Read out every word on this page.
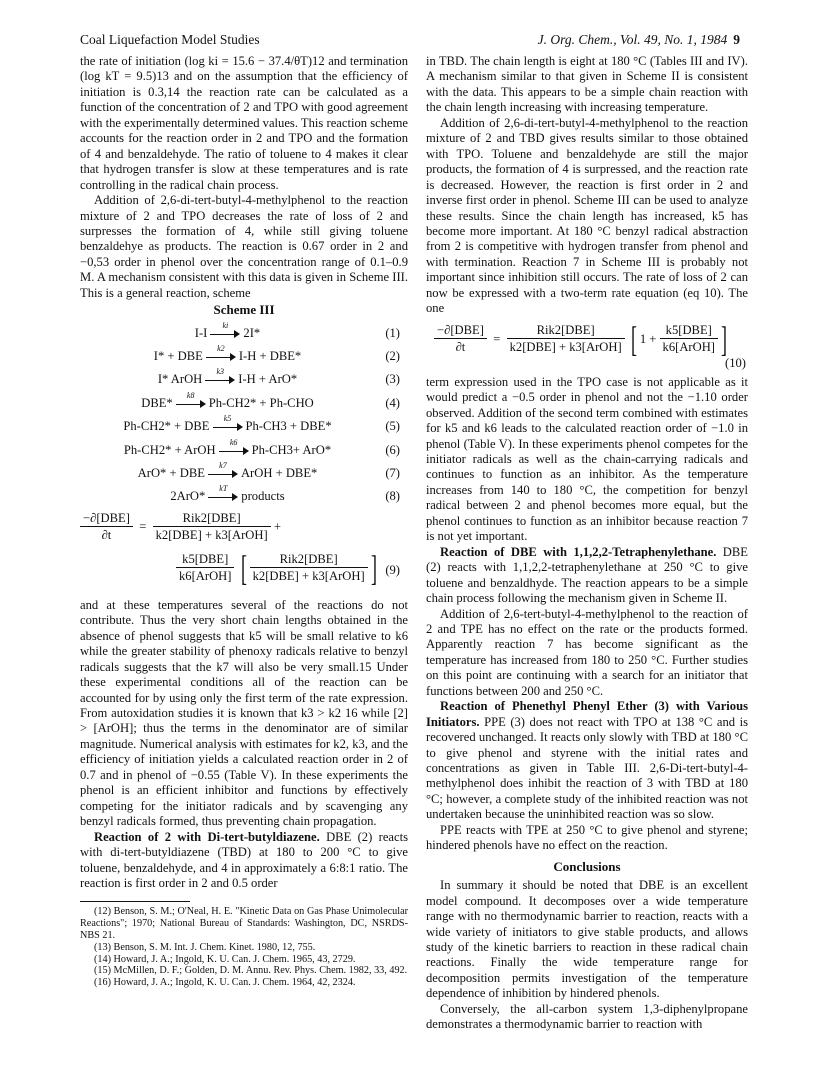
Coal Liquefaction Model Studies	J. Org. Chem., Vol. 49, No. 1, 1984 9

the rate of initiation (log ki = 15.6 − 37.4/θT)12 and termination (log kT = 9.5)13 and on the assumption that the efficiency of initiation is 0.3,14 the reaction rate can be calculated as a function of the concentration of 2 and TPO with good agreement with the experimentally determined values. This reaction scheme accounts for the reaction order in 2 and TPO and the formation of 4 and benzaldehyde. The ratio of toluene to 4 makes it clear that hydrogen transfer is slow at these temperatures and is rate controlling in the radical chain process.

Addition of 2,6-di-tert-butyl-4-methylphenol to the reaction mixture of 2 and TPO decreases the rate of loss of 2 and surpresses the formation of 4, while still giving toluene benzaldehye as products. The reaction is 0.67 order in 2 and −0,53 order in phenol over the concentration range of 0.1–0.9 M. A mechanism consistent with this data is given in Scheme III. This is a general reaction, scheme

Scheme III
I-I
ki
2I*	(1)
I* + DBE
k2
I-H + DBE*	(2)
I* ArOH
k3
I-H + ArO*	(3)
DBE*
k8
Ph-CH2* + Ph-CHO	(4)
Ph-CH2* + DBE
k5
Ph-CH3 + DBE*	(5)
Ph-CH2* + ArOH
k6
Ph-CH3+ ArO*	(6)
ArO* + DBE
k7
ArOH + DBE*	(7)
2ArO*
kT
products	(8)
$\frac{\text{−∂[DBE]}}{\partial t} = \frac{\text{Rik2[DBE]}}{\text{k2[DBE] + k3[ArOH]}}$ +
$\frac{\text{k5[DBE]}}{\text{k6[ArOH]}}$ [ $\frac{\text{Rik2[DBE]}}{\text{k2[DBE] + k3[ArOH]}}$ ] (9)

and at these temperatures several of the reactions do not contribute. Thus the very short chain lengths obtained in the absence of phenol suggests that k5 will be small relative to k6 while the greater stability of phenoxy radicals relative to benzyl radicals suggests that the k7 will also be very small.15 Under these experimental conditions all of the reaction can be accounted for by using only the first term of the rate expression. From autoxidation studies it is known that k3 > k2 16 while [2] > [ArOH]; thus the terms in the denominator are of similar magnitude. Numerical analysis with estimates for k2, k3, and the efficiency of initiation yields a calculated reaction order in 2 of 0.7 and in phenol of −0.55 (Table V). In these experiments the phenol is an efficient inhibitor and functions by effectively competing for the initiator radicals and by scavenging any benzyl radicals formed, thus preventing chain propagation.

Reaction of 2 with Di-tert-butyldiazene. DBE (2) reacts with di-tert-butyldiazene (TBD) at 180 to 200 °C to give toluene, benzaldehyde, and 4 in approximately a 6:8:1 ratio. The reaction is first order in 2 and 0.5 order

(12) Benson, S. M.; O'Neal, H. E. "Kinetic Data on Gas Phase Unimolecular Reactions"; 1970; National Bureau of Standards: Washington, DC, NSRDS-NBS 21.

(13) Benson, S. M. Int. J. Chem. Kinet. 1980, 12, 755.

(14) Howard, J. A.; Ingold, K. U. Can. J. Chem. 1965, 43, 2729.

(15) McMillen, D. F.; Golden, D. M. Annu. Rev. Phys. Chem. 1982, 33, 492.

(16) Howard, J. A.; Ingold, K. U. Can. J. Chem. 1964, 42, 2324.

in TBD. The chain length is eight at 180 °C (Tables III and IV). A mechanism similar to that given in Scheme II is consistent with the data. This appears to be a simple chain reaction with the chain length increasing with increasing temperature.

Addition of 2,6-di-tert-butyl-4-methylphenol to the reaction mixture of 2 and TBD gives results similar to those obtained with TPO. Toluene and benzaldehyde are still the major products, the formation of 4 is surpressed, and the reaction rate is decreased. However, the reaction is first order in 2 and inverse first order in phenol. Scheme III can be used to analyze these results. Since the chain length has increased, k5 has become more important. At 180 °C benzyl radical abstraction from 2 is competitive with hydrogen transfer from phenol and with termination. Reaction 7 in Scheme III is probably not important since inhibition still occurs. The rate of loss of 2 can now be expressed with a two-term rate equation (eq 10). The one

$\frac{\text{−∂[DBE]}}{\partial t} = \frac{\text{Rik2[DBE]}}{\text{k2[DBE] + k3[ArOH]}}$ [ $1 + \frac{\text{k5[DBE]}}{\text{k6[ArOH]}}$ ]
(10)

term expression used in the TPO case is not applicable as it would predict a −0.5 order in phenol and not the −1.10 order observed. Addition of the second term combined with estimates for k5 and k6 leads to the calculated reaction order of −1.0 in phenol (Table V). In these experiments phenol competes for the initiator radicals as well as the chain-carrying radicals and continues to function as an inhibitor. As the temperature increases from 140 to 180 °C, the competition for benzyl radical between 2 and phenol becomes more equal, but the phenol continues to function as an inhibitor because reaction 7 is not yet important.

Reaction of DBE with 1,1,2,2-Tetraphenylethane. DBE (2) reacts with 1,1,2,2-tetraphenylethane at 250 °C to give toluene and benzaldhyde. The reaction appears to be a simple chain process following the mechanism given in Scheme II.

Addition of 2,6-tert-butyl-4-methylphenol to the reaction of 2 and TPE has no effect on the rate or the products formed. Apparently reaction 7 has become significant as the temperature has increased from 180 to 250 °C. Further studies on this point are continuing with a search for an initiator that functions between 200 and 250 °C.

Reaction of Phenethyl Phenyl Ether (3) with Various Initiators. PPE (3) does not react with TPO at 138 °C and is recovered unchanged. It reacts only slowly with TBD at 180 °C to give phenol and styrene with the initial rates and concentrations as given in Table III. 2,6-Di-tert-butyl-4-methylphenol does inhibit the reaction of 3 with TBD at 180 °C; however, a complete study of the inhibited reaction was not undertaken because the uninhibited reaction was so slow.

PPE reacts with TPE at 250 °C to give phenol and styrene; hindered phenols have no effect on the reaction.

Conclusions

In summary it should be noted that DBE is an excellent model compound. It decomposes over a wide temperature range with no thermodynamic barrier to reaction, reacts with a wide variety of initiators to give stable products, and allows study of the kinetic barriers to reaction in these radical chain reactions. Finally the wide temperature range for decomposition permits investigation of the temperature dependence of inhibition by hindered phenols.

Conversely, the all-carbon system 1,3-diphenylpropane demonstrates a thermodynamic barrier to reaction with
